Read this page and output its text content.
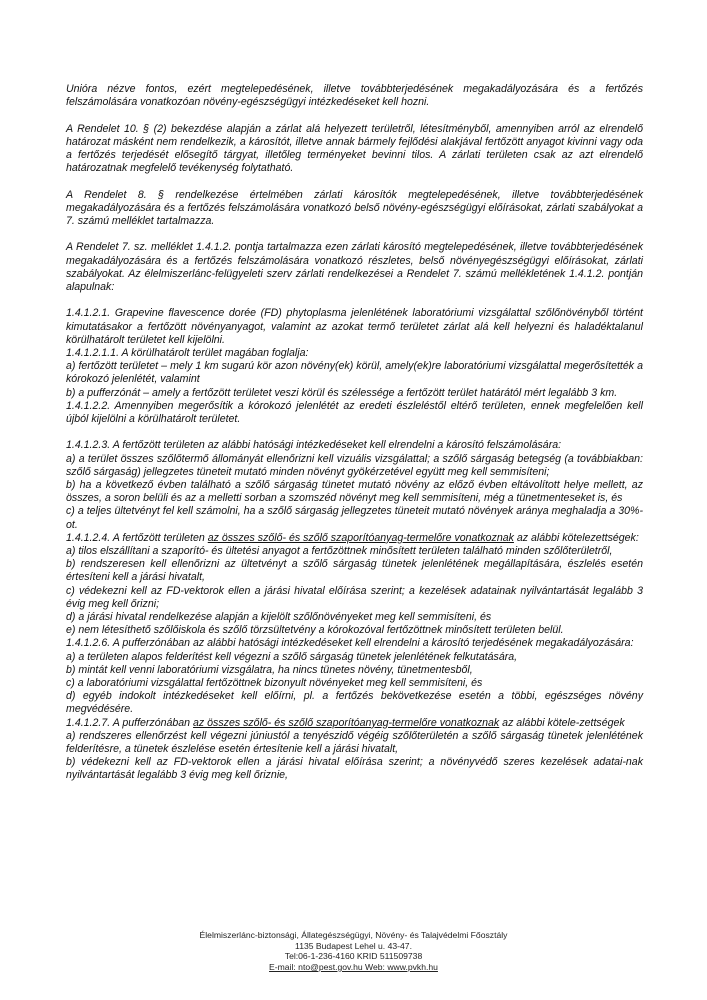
Unióra nézve fontos, ezért megtelepedésének, illetve továbbterjedésének megakadályozására és a fertőzés felszámolására vonatkozóan növény-egészségügyi intézkedéseket kell hozni.

A Rendelet 10. § (2) bekezdése alapján a zárlat alá helyezett területről, létesítményből, amennyiben arról az elrendelő határozat másként nem rendelkezik, a károsítót, illetve annak bármely fejlődési alakjával fertőzött anyagot kivinni vagy oda a fertőzés terjedését elősegítő tárgyat, illetőleg terményeket bevinni tilos. A zárlati területen csak az azt elrendelő határozatnak megfelelő tevékenység folytatható.

A Rendelet 8. § rendelkezése értelmében zárlati károsítók megtelepedésének, illetve továbbterjedésének megakadályozására és a fertőzés felszámolására vonatkozó belső növény-egészségügyi előírásokat, zárlati szabályokat a 7. számú melléklet tartalmazza.

A Rendelet 7. sz. melléklet 1.4.1.2. pontja tartalmazza ezen zárlati károsító megtelepedésének, illetve továbbterjedésének megakadályozására és a fertőzés felszámolására vonatkozó részletes, belső növényegészségügyi előírásokat, zárlati szabályokat. Az élelmiszerlánc-felügyeleti szerv zárlati rendelkezései a Rendelet 7. számú mellékletének 1.4.1.2. pontján alapulnak:

1.4.1.2.1. Grapevine flavescence dorée (FD) phytoplasma jelenlétének laboratóriumi vizsgálattal szőlőnövényből történt kimutatásakor a fertőzött növényanyagot, valamint az azokat termő területet zárlat alá kell helyezni és haladéktalanul körülhatárolt területet kell kijelölni.

1.4.1.2.1.1. A körülhatárolt terület magában foglalja:

a) fertőzött területet – mely 1 km sugarú kör azon növény(ek) körül, amely(ek)re laboratóriumi vizsgálattal megerősítették a kórokozó jelenlétét, valamint

b) a pufferzónát – amely a fertőzött területet veszi körül és szélessége a fertőzött terület határától mért legalább 3 km.

1.4.1.2.2. Amennyiben megerősítik a kórokozó jelenlétét az eredeti észleléstől eltérő területen, ennek megfelelően kell újból kijelölni a körülhatárolt területet.

1.4.1.2.3. A fertőzött területen az alábbi hatósági intézkedéseket kell elrendelni a károsító felszámolására:

a) a terület összes szőlőtermő állományát ellenőrizni kell vizuális vizsgálattal; a szőlő sárgaság betegség (a továbbiakban: szőlő sárgaság) jellegzetes tüneteit mutató minden növényt gyökérzetével együtt meg kell semmisíteni;

b) ha a következő évben található a szőlő sárgaság tünetet mutató növény az előző évben eltávolított helye mellett, az összes, a soron belüli és az a melletti sorban a szomszéd növényt meg kell semmisíteni, még a tünetmenteseket is, és

c) a teljes ültetvényt fel kell számolni, ha a szőlő sárgaság jellegzetes tüneteit mutató növények aránya meghaladja a 30%-ot.

1.4.1.2.4. A fertőzött területen az összes szőlő- és szőlő szaporítóanyag-termelőre vonatkoznak az alábbi kötelezettségek:

a) tilos elszállítani a szaporító- és ültetési anyagot a fertőzöttnek minősített területen található minden szőlőterületről,

b) rendszeresen kell ellenőrizni az ültetvényt a szőlő sárgaság tünetek jelenlétének megállapítására, észlelés esetén értesíteni kell a járási hivatalt,

c) védekezni kell az FD-vektorok ellen a járási hivatal előírása szerint; a kezelések adatainak nyilvántartását legalább 3 évig meg kell őrizni;

d) a járási hivatal rendelkezése alapján a kijelölt szőlőnövényeket meg kell semmisíteni, és

e) nem létesíthető szőlőiskola és szőlő törzsültetvény a kórokozóval fertőzöttnek minősített területen belül.

1.4.1.2.6. A pufferzónában az alábbi hatósági intézkedéseket kell elrendelni a károsító terjedésének megakadályozására:

a) a területen alapos felderítést kell végezni a szőlő sárgaság tünetek jelenlétének felkutatására,

b) mintát kell venni laboratóriumi vizsgálatra, ha nincs tünetes növény, tünetmentesből,

c) a laboratóriumi vizsgálattal fertőzöttnek bizonyult növényeket meg kell semmisíteni, és

d) egyéb indokolt intézkedéseket kell előírni, pl. a fertőzés bekövetkezése esetén a többi, egészséges növény megvédésére.

1.4.1.2.7. A pufferzónában az összes szőlő- és szőlő szaporítóanyag-termelőre vonatkoznak az alábbi kötele-zettségek

a) rendszeres ellenőrzést kell végezni júniustól a tenyészidő végéig szőlőterületén a szőlő sárgaság tünetek jelenlétének felderítésre, a tünetek észlelése esetén értesítenie kell a járási hivatalt,

b) védekezni kell az FD-vektorok ellen a járási hivatal előírása szerint; a növényvédő szeres kezelések adatai-nak nyilvántartását legalább 3 évig meg kell őriznie,

Élelmiszerlánc-biztonsági, Állategészségügyi, Növény- és Talajvédelmi Főosztály

1135 Budapest Lehel u. 43-47.

Tel:06-1-236-4160 KRID 511509738

E-mail: nto@pest.gov.hu Web: www.pvkh.hu
